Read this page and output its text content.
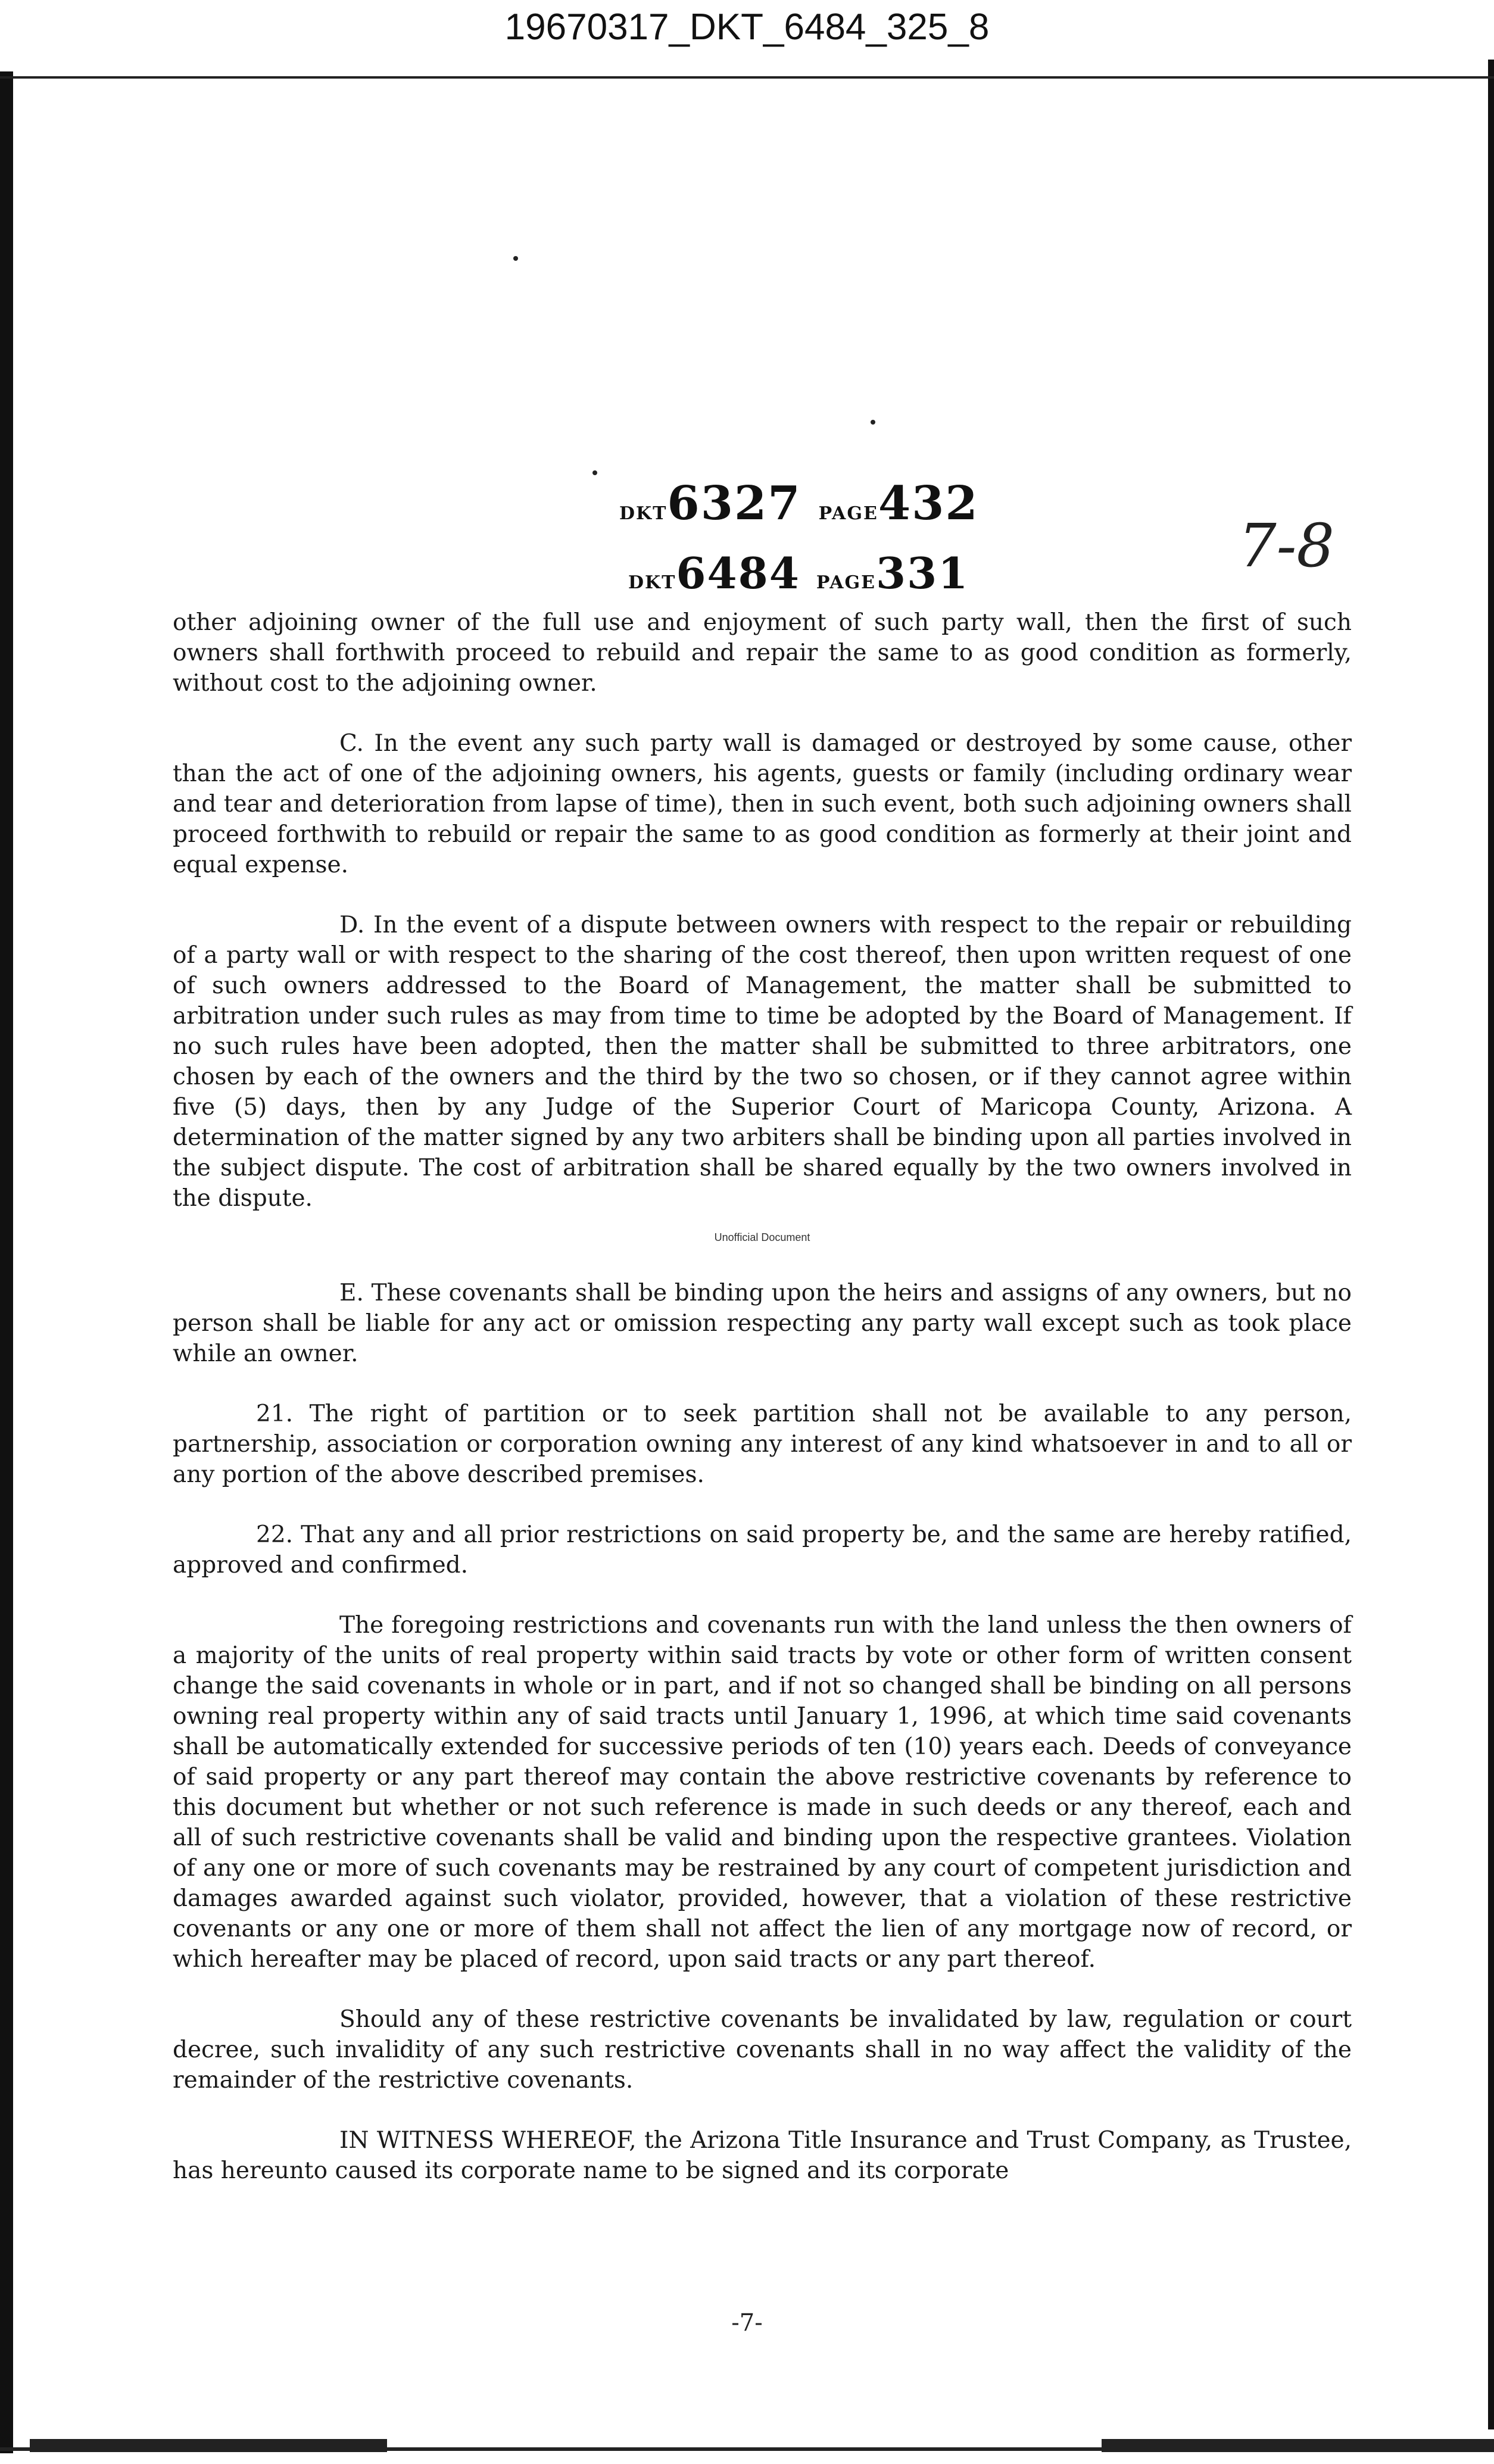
19670317_DKT_6484_325_8
DKT6327 PAGE432
DKT6484 PAGE331	7-8

other adjoining owner of the full use and enjoyment of such party wall, then the first of such owners shall forthwith proceed to rebuild and repair the same to as good condition as formerly, without cost to the adjoining owner.

C. In the event any such party wall is damaged or destroyed by some cause, other than the act of one of the adjoining owners, his agents, guests or family (including ordinary wear and tear and deterioration from lapse of time), then in such event, both such adjoining owners shall proceed forthwith to rebuild or repair the same to as good condition as formerly at their joint and equal expense.

D. In the event of a dispute between owners with respect to the repair or rebuilding of a party wall or with respect to the sharing of the cost thereof, then upon written request of one of such owners addressed to the Board of Management, the matter shall be submitted to arbitration under such rules as may from time to time be adopted by the Board of Management. If no such rules have been adopted, then the matter shall be submitted to three arbitrators, one chosen by each of the owners and the third by the two so chosen, or if they cannot agree within five (5) days, then by any Judge of the Superior Court of Maricopa County, Arizona. A determination of the matter signed by any two arbiters shall be binding upon all parties involved in the subject dispute. The cost of arbitration shall be shared equally by the two owners involved in the dispute.

Unofficial Document

E. These covenants shall be binding upon the heirs and assigns of any owners, but no person shall be liable for any act or omission respecting any party wall except such as took place while an owner.

21. The right of partition or to seek partition shall not be available to any person, partnership, association or corporation owning any interest of any kind whatsoever in and to all or any portion of the above described premises.

22. That any and all prior restrictions on said property be, and the same are hereby ratified, approved and confirmed.

The foregoing restrictions and covenants run with the land unless the then owners of a majority of the units of real property within said tracts by vote or other form of written consent change the said covenants in whole or in part, and if not so changed shall be binding on all persons owning real property within any of said tracts until January 1, 1996, at which time said covenants shall be automatically extended for successive periods of ten (10) years each. Deeds of conveyance of said property or any part thereof may contain the above restrictive covenants by reference to this document but whether or not such reference is made in such deeds or any thereof, each and all of such restrictive covenants shall be valid and binding upon the respective grantees. Violation of any one or more of such covenants may be restrained by any court of competent jurisdiction and damages awarded against such violator, provided, however, that a violation of these restrictive covenants or any one or more of them shall not affect the lien of any mortgage now of record, or which hereafter may be placed of record, upon said tracts or any part thereof.

Should any of these restrictive covenants be invalidated by law, regulation or court decree, such invalidity of any such restrictive covenants shall in no way affect the validity of the remainder of the restrictive covenants.

IN WITNESS WHEREOF, the Arizona Title Insurance and Trust Company, as Trustee, has hereunto caused its corporate name to be signed and its corporate

-7-
